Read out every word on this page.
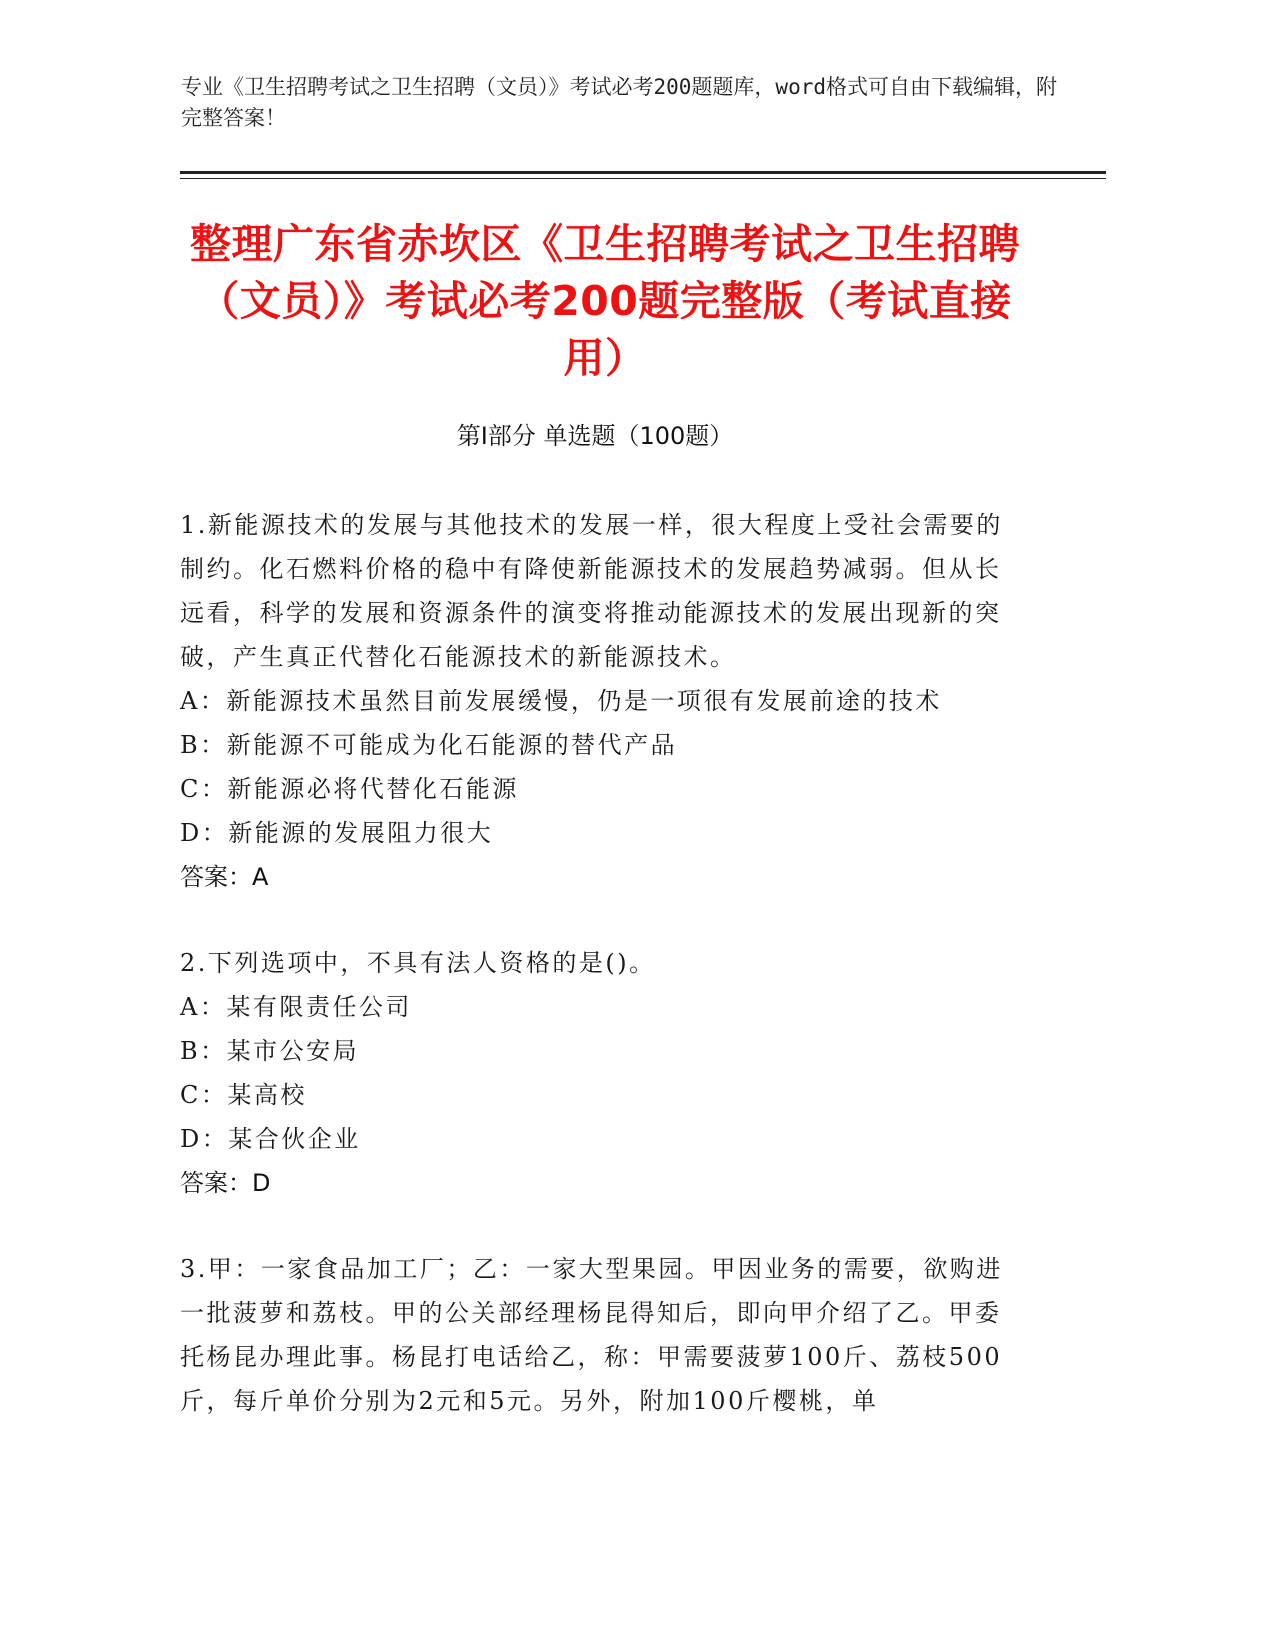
专业《卫生招聘考试之卫生招聘（文员）》考试必考200题题库，word格式可自由下载编辑，附完整答案！
整理广东省赤坎区《卫生招聘考试之卫生招聘（文员）》考试必考200题完整版（考试直接用）
第Ⅰ部分 单选题（100题）

1.新能源技术的发展与其他技术的发展一样，很大程度上受社会需要的制约。化石燃料价格的稳中有降使新能源技术的发展趋势减弱。但从长远看，科学的发展和资源条件的演变将推动能源技术的发展出现新的突破，产生真正代替化石能源技术的新能源技术。

A：新能源技术虽然目前发展缓慢，仍是一项很有发展前途的技术

B：新能源不可能成为化石能源的替代产品

C：新能源必将代替化石能源

D：新能源的发展阻力很大

答案：A

2.下列选项中，不具有法人资格的是()。

A：某有限责任公司

B：某市公安局

C：某高校

D：某合伙企业

答案：D

3.甲：一家食品加工厂；乙：一家大型果园。甲因业务的需要，欲购进一批菠萝和荔枝。甲的公关部经理杨昆得知后，即向甲介绍了乙。甲委托杨昆办理此事。杨昆打电话给乙，称：甲需要菠萝100斤、荔枝500斤，每斤单价分别为2元和5元。另外，附加100斤樱桃，单
